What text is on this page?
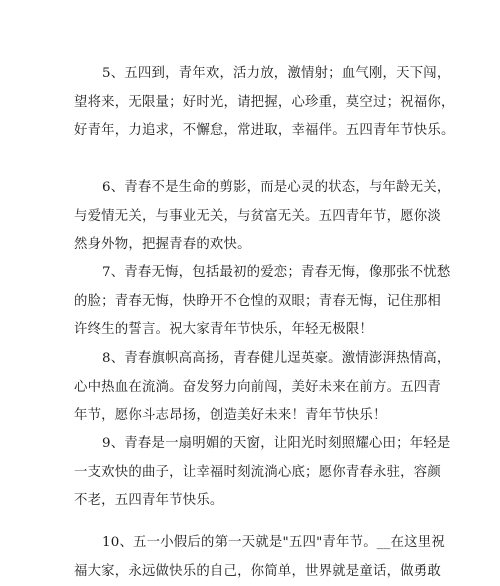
5、五四到，青年欢，活力放，激情射；血气刚，天下闯，
望将来，无限量；好时光，请把握，心珍重，莫空过；祝福你，
好青年，力追求，不懈怠，常进取，幸福伴。五四青年节快乐。

6、青春不是生命的剪影，而是心灵的状态，与年龄无关，
与爱情无关，与事业无关，与贫富无关。五四青年节，愿你淡
然身外物，把握青春的欢快。

7、青春无悔，包括最初的爱恋；青春无悔，像那张不忧愁
的脸；青春无悔，快睁开不仓惶的双眼；青春无悔，记住那相
许终生的誓言。祝大家青年节快乐，年轻无极限！

8、青春旗帜高高扬，青春健儿逞英豪。激情澎湃热情高，
心中热血在流淌。奋发努力向前闯，美好未来在前方。五四青
年节，愿你斗志昂扬，创造美好未来！青年节快乐！

9、青春是一扇明媚的天窗，让阳光时刻照耀心田；年轻是
一支欢快的曲子，让幸福时刻流淌心底；愿你青春永驻，容颜
不老，五四青年节快乐。

10、五一小假后的第一天就是"五四"青年节。__在这里祝
福大家，永远做快乐的自己，你简单，世界就是童话，做勇敢
